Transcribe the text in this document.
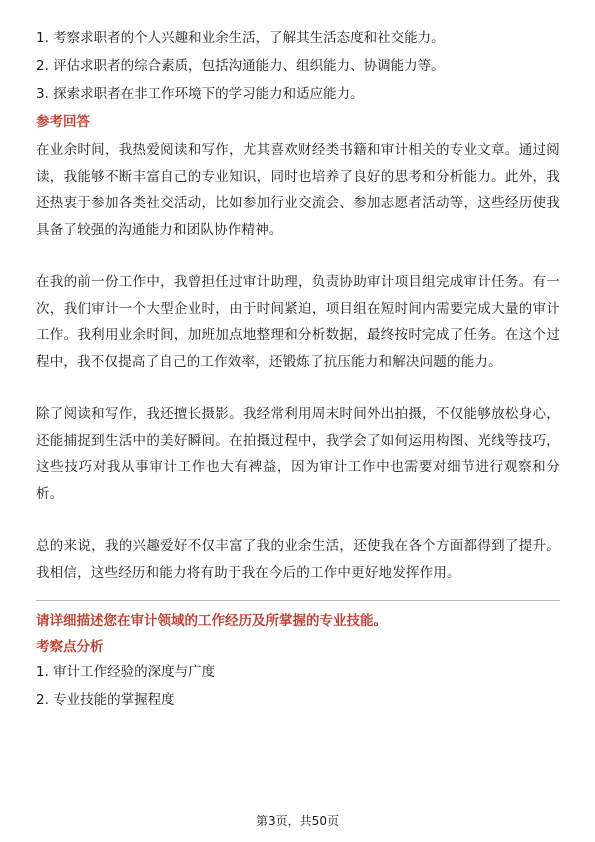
1. 考察求职者的个人兴趣和业余生活，了解其生活态度和社交能力。
2. 评估求职者的综合素质，包括沟通能力、组织能力、协调能力等。
3. 探索求职者在非工作环境下的学习能力和适应能力。
参考回答

在业余时间，我热爱阅读和写作，尤其喜欢财经类书籍和审计相关的专业文章。通过阅读，我能够不断丰富自己的专业知识，同时也培养了良好的思考和分析能力。此外，我还热衷于参加各类社交活动，比如参加行业交流会、参加志愿者活动等，这些经历使我具备了较强的沟通能力和团队协作精神。

在我的前一份工作中，我曾担任过审计助理，负责协助审计项目组完成审计任务。有一次，我们审计一个大型企业时，由于时间紧迫，项目组在短时间内需要完成大量的审计工作。我利用业余时间，加班加点地整理和分析数据，最终按时完成了任务。在这个过程中，我不仅提高了自己的工作效率，还锻炼了抗压能力和解决问题的能力。

除了阅读和写作，我还擅长摄影。我经常利用周末时间外出拍摄，不仅能够放松身心，还能捕捉到生活中的美好瞬间。在拍摄过程中，我学会了如何运用构图、光线等技巧，这些技巧对我从事审计工作也大有裨益，因为审计工作中也需要对细节进行观察和分析。

总的来说，我的兴趣爱好不仅丰富了我的业余生活，还使我在各个方面都得到了提升。我相信，这些经历和能力将有助于我在今后的工作中更好地发挥作用。

请详细描述您在审计领域的工作经历及所掌握的专业技能。
考察点分析
1. 审计工作经验的深度与广度
2. 专业技能的掌握程度
第3页，共50页
